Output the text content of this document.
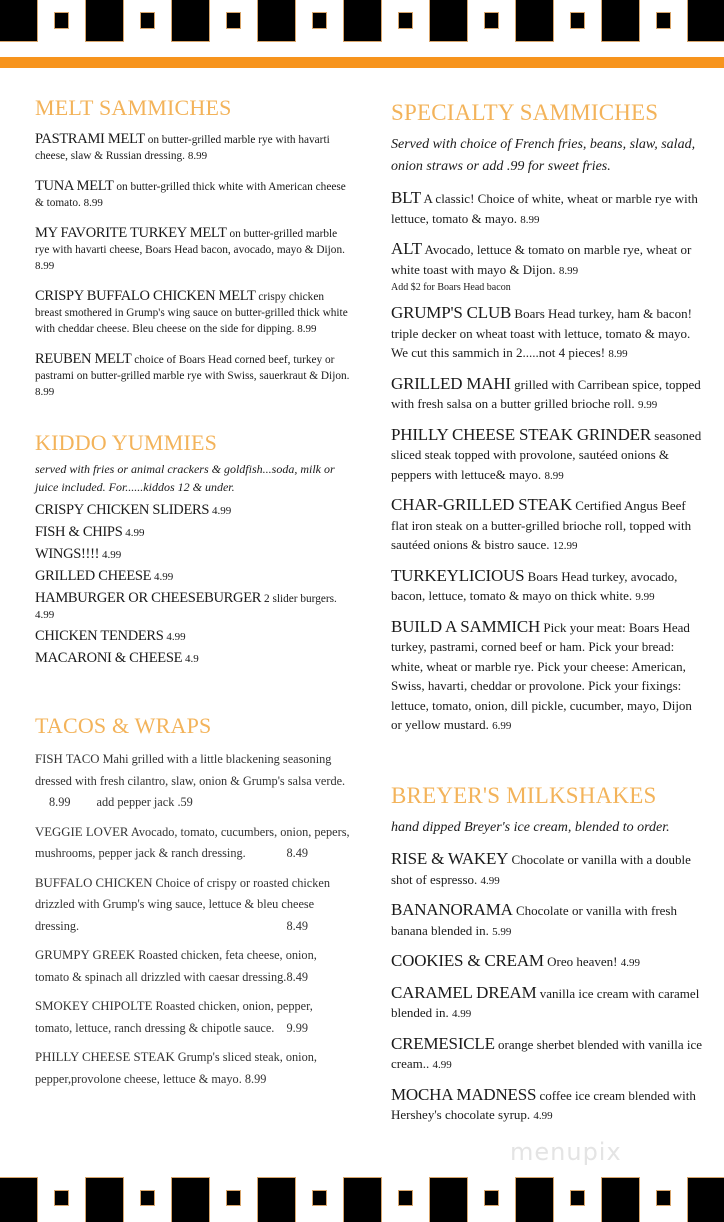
MELT SAMMICHES
PASTRAMI MELT on butter-grilled marble rye with havarti cheese, slaw & Russian dressing. 8.99
TUNA MELT on butter-grilled thick white with American cheese & tomato. 8.99
MY FAVORITE TURKEY MELT on butter-grilled marble rye with havarti cheese, Boars Head bacon, avocado, mayo & Dijon. 8.99
CRISPY BUFFALO CHICKEN MELT crispy chicken breast smothered in Grump's wing sauce on butter-grilled thick white with cheddar cheese. Bleu cheese on the side for dipping. 8.99
REUBEN MELT choice of Boars Head corned beef, turkey or pastrami on butter-grilled marble rye with Swiss, sauerkraut & Dijon. 8.99
KIDDO YUMMIES
served with fries or animal crackers & goldfish...soda, milk or juice included. For......kiddos 12 & under.
CRISPY CHICKEN SLIDERS 4.99
FISH & CHIPS 4.99
WINGS!!!! 4.99
GRILLED CHEESE 4.99
HAMBURGER OR CHEESEBURGER 2 slider burgers. 4.99
CHICKEN TENDERS 4.99
MACARONI & CHEESE 4.9
TACOS & WRAPS
FISH TACO Mahi grilled with a little blackening seasoning dressed with fresh cilantro, slaw, onion & Grump's salsa verde. 8.99 add pepper jack .59
VEGGIE LOVER Avocado, tomato, cucumbers, onion, pepers, mushrooms, pepper jack & ranch dressing.	8.49
BUFFALO CHICKEN Choice of crispy or roasted chicken drizzled with Grump's wing sauce, lettuce & bleu cheese dressing.	8.49
GRUMPY GREEK Roasted chicken, feta cheese, onion, tomato & spinach all drizzled with caesar dressing. 8.49
SMOKEY CHIPOLTE Roasted chicken, onion, pepper, tomato, lettuce, ranch dressing & chipotle sauce. 9.99
PHILLY CHEESE STEAK Grump's sliced steak, onion, pepper,provolone cheese, lettuce & mayo. 8.99
SPECIALTY SAMMICHES
Served with choice of French fries, beans, slaw, salad, onion straws or add .99 for sweet fries.
BLT A classic! Choice of white, wheat or marble rye with lettuce, tomato & mayo. 8.99
ALT Avocado, lettuce & tomato on marble rye, wheat or white toast with mayo & Dijon. 8.99
Add $2 for Boars Head bacon
GRUMP'S CLUB Boars Head turkey, ham & bacon! triple decker on wheat toast with lettuce, tomato & mayo. We cut this sammich in 2.....not 4 pieces! 8.99
GRILLED MAHI grilled with Carribean spice, topped with fresh salsa on a butter grilled brioche roll. 9.99
PHILLY CHEESE STEAK GRINDER seasoned sliced steak topped with provolone, sautéed onions & peppers with lettuce& mayo. 8.99
CHAR-GRILLED STEAK Certified Angus Beef flat iron steak on a butter-grilled brioche roll, topped with sautéed onions & bistro sauce. 12.99
TURKEYLICIOUS Boars Head turkey, avocado, bacon, lettuce, tomato & mayo on thick white. 9.99
BUILD A SAMMICH Pick your meat: Boars Head turkey, pastrami, corned beef or ham. Pick your bread: white, wheat or marble rye. Pick your cheese: American, Swiss, havarti, cheddar or provolone. Pick your fixings: lettuce, tomato, onion, dill pickle, cucumber, mayo, Dijon or yellow mustard. 6.99
BREYER'S MILKSHAKES
hand dipped Breyer's ice cream, blended to order.
RISE & WAKEY Chocolate or vanilla with a double shot of espresso. 4.99
BANANORAMA Chocolate or vanilla with fresh banana blended in. 5.99
COOKIES & CREAM Oreo heaven! 4.99
CARAMEL DREAM vanilla ice cream with caramel blended in. 4.99
CREMESICLE orange sherbet blended with vanilla ice cream.. 4.99
MOCHA MADNESS coffee ice cream blended with Hershey's chocolate syrup. 4.99
menupix
